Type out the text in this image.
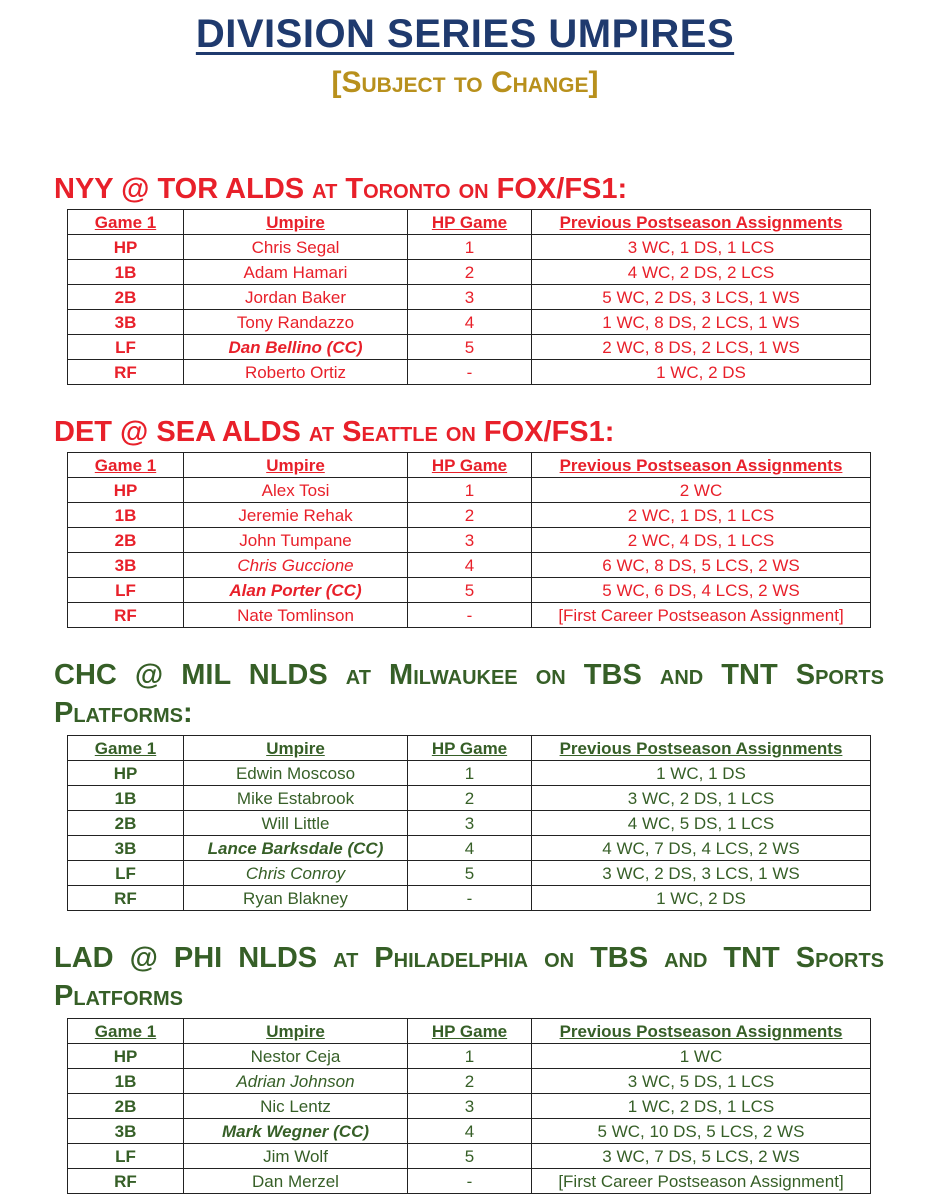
DIVISION SERIES UMPIRES
[Subject to Change]
NYY @ TOR ALDS at Toronto on FOX/FS1:
Game 1	Umpire	HP Game	Previous Postseason Assignments
HP	Chris Segal	1	3 WC, 1 DS, 1 LCS
1B	Adam Hamari	2	4 WC, 2 DS, 2 LCS
2B	Jordan Baker	3	5 WC, 2 DS, 3 LCS, 1 WS
3B	Tony Randazzo	4	1 WC, 8 DS, 2 LCS, 1 WS
LF	Dan Bellino (CC)	5	2 WC, 8 DS, 2 LCS, 1 WS
RF	Roberto Ortiz	-	1 WC, 2 DS
DET @ SEA ALDS at Seattle on FOX/FS1:
Game 1	Umpire	HP Game	Previous Postseason Assignments
HP	Alex Tosi	1	2 WC
1B	Jeremie Rehak	2	2 WC, 1 DS, 1 LCS
2B	John Tumpane	3	2 WC, 4 DS, 1 LCS
3B	Chris Guccione	4	6 WC, 8 DS, 5 LCS, 2 WS
LF	Alan Porter (CC)	5	5 WC, 6 DS, 4 LCS, 2 WS
RF	Nate Tomlinson	-	[First Career Postseason Assignment]
CHC @ MIL NLDS at Milwaukee on TBS and TNT Sports Platforms:
Game 1	Umpire	HP Game	Previous Postseason Assignments
HP	Edwin Moscoso	1	1 WC, 1 DS
1B	Mike Estabrook	2	3 WC, 2 DS, 1 LCS
2B	Will Little	3	4 WC, 5 DS, 1 LCS
3B	Lance Barksdale (CC)	4	4 WC, 7 DS, 4 LCS, 2 WS
LF	Chris Conroy	5	3 WC, 2 DS, 3 LCS, 1 WS
RF	Ryan Blakney	-	1 WC, 2 DS
LAD @ PHI NLDS at Philadelphia on TBS and TNT Sports Platforms
Game 1	Umpire	HP Game	Previous Postseason Assignments
HP	Nestor Ceja	1	1 WC
1B	Adrian Johnson	2	3 WC, 5 DS, 1 LCS
2B	Nic Lentz	3	1 WC, 2 DS, 1 LCS
3B	Mark Wegner (CC)	4	5 WC, 10 DS, 5 LCS, 2 WS
LF	Jim Wolf	5	3 WC, 7 DS, 5 LCS, 2 WS
RF	Dan Merzel	-	[First Career Postseason Assignment]
